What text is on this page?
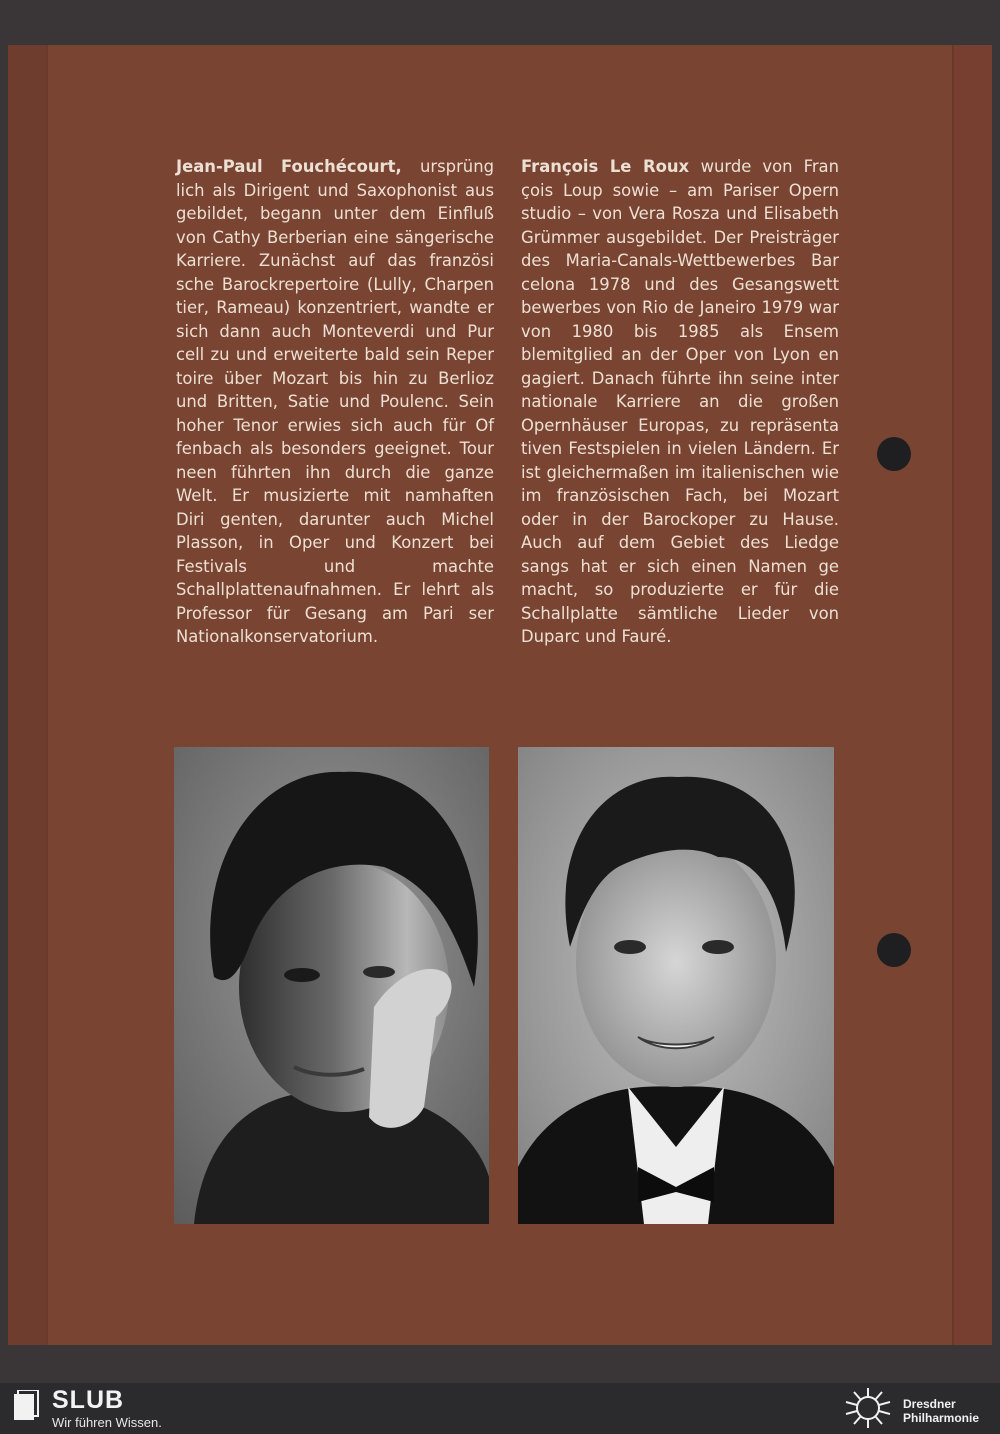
Jean-Paul Fouchécourt, ursprüng lich als Dirigent und Saxophonist aus gebildet, begann unter dem Einfluß von Cathy Berberian eine sängerische Karriere. Zunächst auf das französi sche Barockrepertoire (Lully, Charpen tier, Rameau) konzentriert, wandte er sich dann auch Monteverdi und Pur cell zu und erweiterte bald sein Reper toire über Mozart bis hin zu Berlioz und Britten, Satie und Poulenc. Sein hoher Tenor erwies sich auch für Of fenbach als besonders geeignet. Tour neen führten ihn durch die ganze Welt. Er musizierte mit namhaften Diri genten, darunter auch Michel Plasson, in Oper und Konzert bei Festivals und machte Schallplattenaufnahmen. Er lehrt als Professor für Gesang am Pari ser Nationalkonservatorium.
François Le Roux wurde von Fran çois Loup sowie – am Pariser Opern studio – von Vera Rosza und Elisabeth Grümmer ausgebildet. Der Preisträger des Maria-Canals-Wettbewerbes Bar celona 1978 und des Gesangswett bewerbes von Rio de Janeiro 1979 war von 1980 bis 1985 als Ensem blemitglied an der Oper von Lyon en gagiert. Danach führte ihn seine inter nationale Karriere an die großen Opernhäuser Europas, zu repräsenta tiven Festspielen in vielen Ländern. Er ist gleichermaßen im italienischen wie im französischen Fach, bei Mozart oder in der Barockoper zu Hause. Auch auf dem Gebiet des Liedge sangs hat er sich einen Namen ge macht, so produzierte er für die Schallplatte sämtliche Lieder von Duparc und Fauré.
SLUB
Wir führen Wissen.
Dresdner
Philharmonie
